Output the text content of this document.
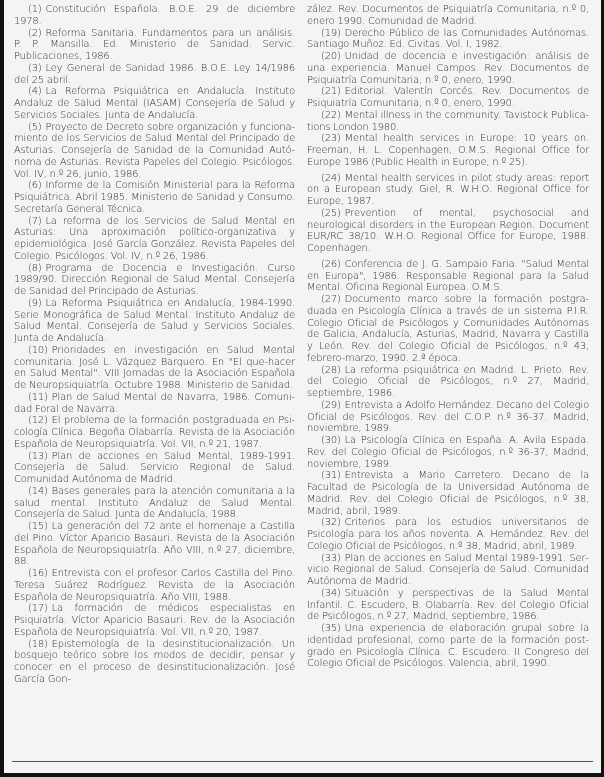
(1) Constitución Española. B.O.E. 29 de diciembre 1978.

(2) Reforma Sanitaria. Fundamentos para un análisis. P. P. Mansilla. Ed. Ministerio de Sanidad. Servic. Publicaciones, 1986.

(3) Ley General de Sanidad 1986. B.O.E. Ley 14/1986 del 25 abril.

(4) La Reforma Psiquiátrica en Andalucía. Instituto Andaluz de Salud Mental (IASAM) Consejería de Salud y Servicios Sociales. Junta de Andalucía.

(5) Proyecto de Decreto sobre organización y funcionamiento de los Servicios de Salud Mental del Principado de Asturias. Consejería de Sanidad de la Comunidad Autónoma de Asturias. Revista Papeles del Colegio. Psicólogos. Vol. IV, n.º 26, junio, 1986.

(6) Informe de la Comisión Ministerial para la Reforma Psiquiátrica. Abril 1985. Ministerio de Sanidad y Consumo. Secretaría General Técnica.

(7) La reforma de los Servicios de Salud Mental en Asturias: Una aproximación político-organizativa y epidemiológica. José García González. Revista Papeles del Colegio. Psicólogos. Vol. IV, n.º 26, 1986.

(8) Programa de Docencia e Investigación. Curso 1989/90. Dirección Regional de Salud Mental. Consejería de Sanidad del Principado de Asturias.

(9) La Reforma Psiquiátrica en Andalucía, 1984-1990. Serie Monográfica de Salud Mental. Instituto Andaluz de Salud Mental. Consejería de Salud y Servicios Sociales. Junta de Andalucía.

(10) Prioridades en investigación en Salud Mental comunitaria. José L. Vázquez Barquero. En "El que-hacer en Salud Mental". VIII Jornadas de la Asociación Española de Neuropsiquiatría. Octubre 1988. Ministerio de Sanidad.

(11) Plan de Salud Mental de Navarra, 1986. Comunidad Foral de Navarra.

(12) El problema de la formación postgraduada en Psicología Clínica. Begoña Olabarría. Revista de la Asociación Española de Neuropsiquiatría. Vol. VII, n.º 21, 1987.

(13) Plan de acciones en Salud Mental, 1989-1991. Consejería de Salud. Servicio Regional de Salud. Comunidad Autónoma de Madrid.

(14) Bases generales para la atención comunitaria a la salud mental. Instituto Andaluz de Salud Mental. Consejería de Salud. Junta de Andalucía, 1988.

(15) La generación del 72 ante el homenaje a Castilla del Pino. Víctor Aparicio Basauri. Revista de la Asociación Española de Neuropsiquiatría. Año VIII, n.º 27, diciembre, 88.

(16) Entrevista con el profesor Carlos Castilla del Pino. Teresa Suárez Rodríguez. Revista de la Asociación Española de Neuropsiquiatría. Año VIII, 1988.

(17) La formación de médicos especialistas en Psiquiatría. Víctor Aparicio Basauri. Rev. de la Asociación Española de Neuropsiquiatría. Vol. VII, n.º 20, 1987.

(18) Epistemología de la desinstitucionalización. Un bosquejo teórico sobre los modos de decidir, pensar y conocer en el proceso de desinstitucionalización. José García Gon-

zález. Rev. Documentos de Psiquiatría Comunitaria, n.º 0, enero 1990. Comunidad de Madrid.

(19) Derecho Público de las Comunidades Autónomas. Santiago Muñoz. Ed. Civitas. Vol. I, 1982.

(20) Unidad de docencia e investigación: análisis de una experiencia. Manuel Campos. Rev. Documentos de Psiquiatría Comunitaria, n.º 0, enero, 1990.

(21) Editorial. Valentín Corcés. Rev. Documentos de Psiquiatría Comunitaria, n.º 0, enero, 1990.

(22) Mental illness in the community. Tavistock Publications London 1980.

(23) Mental health services in Europe: 10 years on. Freeman, H. L. Copenhagen, O.M.S. Regional Office for Europe 1986 (Public Health in Europe, n.º 25).

(24) Mental health services in pilot study areas: report on a European study. Giel, R. W.H.O. Regional Office for Europe, 1987.

(25) Prevention of mental, psychosocial and neurological disorders in the European Region. Document EUR/RC 38/10. W.H.O. Regional Office for Europe, 1988. Copenhagen.

(26) Conferencia de J. G. Sampaio Faria. "Salud Mental en Europa", 1986. Responsable Regional para la Salud Mental. Oficina Regional Europea. O.M.S.

(27) Documento marco sobre la formación postgraduada en Psicología Clínica a través de un sistema P.I.R. Colegio Oficial de Psicólogos y Comunidades Autónomas de Galicia, Andalucía, Asturias, Madrid, Navarra y Castilla y León. Rev. del Colegio Oficial de Psicólogos, n.º 43, febrero-marzo, 1990. 2.ª época.

(28) La reforma psiquiátrica en Madrid. L. Prieto. Rev. del Colegio Oficial de Psicólogos, n.º 27, Madrid, septiembre, 1986.

(29) Entrevista a Adolfo Hernández. Decano del Colegio Oficial de Psicólogos. Rev. del C.O.P. n.º 36-37. Madrid, noviembre, 1989.

(30) La Psicología Clínica en España. A. Avila Espada. Rev. del Colegio Oficial de Psicólogos, n.º 36-37, Madrid, noviembre, 1989.

(31) Entrevista a Mario Carretero. Decano de la Facultad de Psicología de la Universidad Autónoma de Madrid. Rev. del Colegio Oficial de Psicólogos, n.º 38, Madrid, abril, 1989.

(32) Criterios para los estudios universitarios de Psicología para los años noventa. A. Hernández. Rev. del Colegio Oficial de Psicólogos, n.º 38, Madrid, abril, 1989.

(33) Plan de acciones en Salud Mental 1989-1991. Servicio Regional de Salud. Consejería de Salud. Comunidad Autónoma de Madrid.

(34) Situación y perspectivas de la Salud Mental Infantil. C. Escudero, B. Olabarría. Rev. del Colegio Oficial de Psicólogos, n.º 27, Madrid, septiembre, 1986.

(35) Una experiencia de elaboración grupal sobre la identidad profesional, como parte de la formación postgrado en Psicología Clínica. C. Escudero. II Congreso del Colegio Oficial de Psicólogos. Valencia, abril, 1990.
